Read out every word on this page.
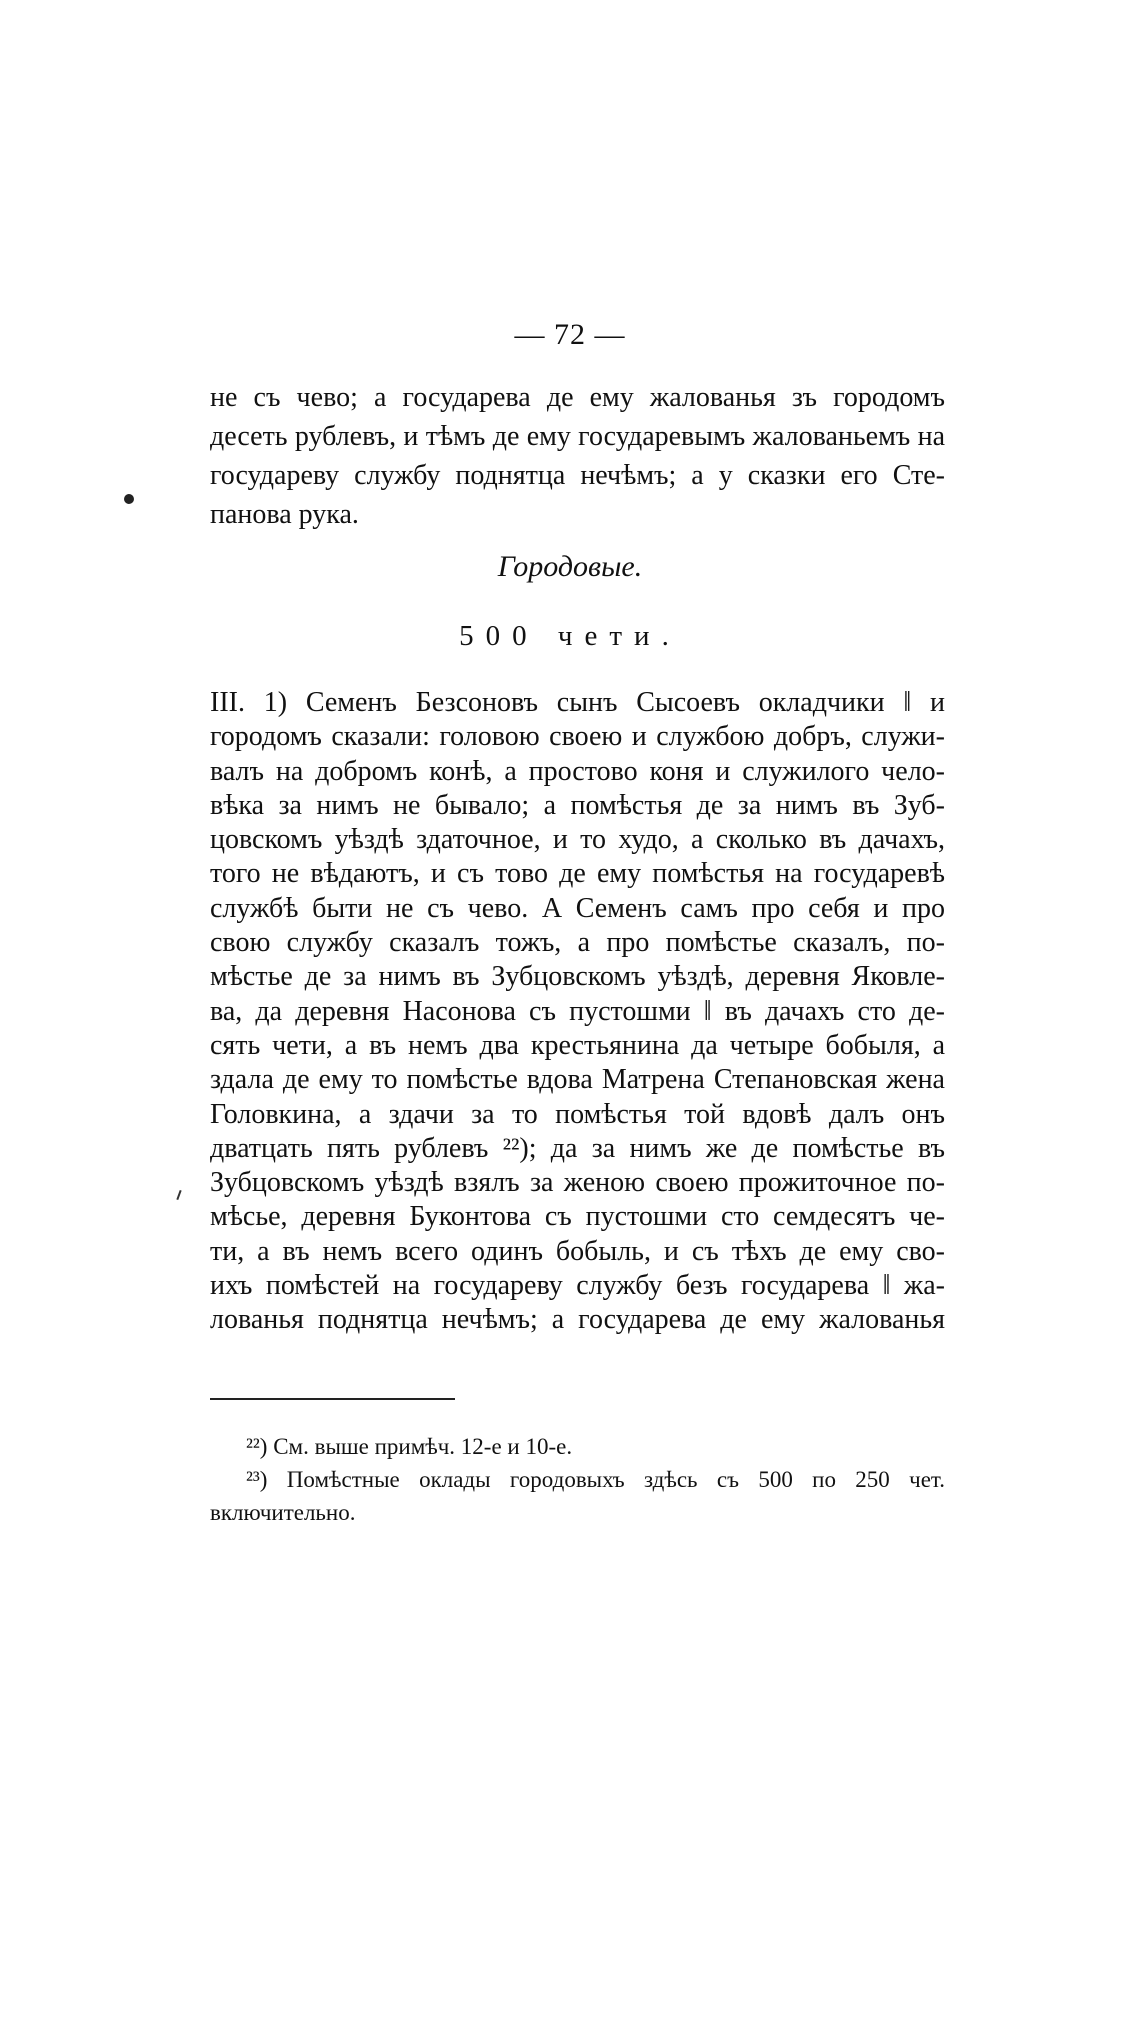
— 72 —
не съ чево; а государева де ему жалованья зъ городомъ
десеть рублевъ, и тѣмъ де ему государевымъ жалованьемъ на
государеву службу поднятца нечѣмъ; а у сказки его Сте-
панова рука.
Городовые.
500 чети.
III. 1) Семенъ Безсоновъ сынъ Сысоевъ окладчики ‖ и
городомъ сказали: головою своею и службою добръ, служи-
валъ на добромъ конѣ, а простово коня и служилого чело-
вѣка за нимъ не бывало; а помѣстья де за нимъ въ Зуб-
цовскомъ уѣздѣ здаточное, и то худо, а сколько въ дачахъ,
того не вѣдаютъ, и съ тово де ему помѣстья на государевѣ
службѣ быти не съ чево. А Семенъ самъ про себя и про
свою службу сказалъ тожъ, а про помѣстье сказалъ, по-
мѣстье де за нимъ въ Зубцовскомъ уѣздѣ, деревня Яковле-
ва, да деревня Насонова съ пустошми ‖ въ дачахъ сто де-
сять чети, а въ немъ два крестьянина да четыре бобыля, а
здала де ему то помѣстье вдова Матрена Степановская жена
Головкина, а здачи за то помѣстья той вдовѣ далъ онъ
дватцать пять рублевъ ²²); да за нимъ же де помѣстье въ
Зубцовскомъ уѣздѣ взялъ за женою своею прожиточное по-
мѣсье, деревня Буконтова съ пустошми сто семдесятъ че-
ти, а въ немъ всего одинъ бобыль, и съ тѣхъ де ему сво-
ихъ помѣстей на государеву службу безъ государева ‖ жа-
лованья поднятца нечѣмъ; а государева де ему жалованья
²²) См. выше примѣч. 12-е и 10-е.
²³) Помѣстные оклады городовыхъ здѣсь съ 500 по 250 чет.
включительно.
